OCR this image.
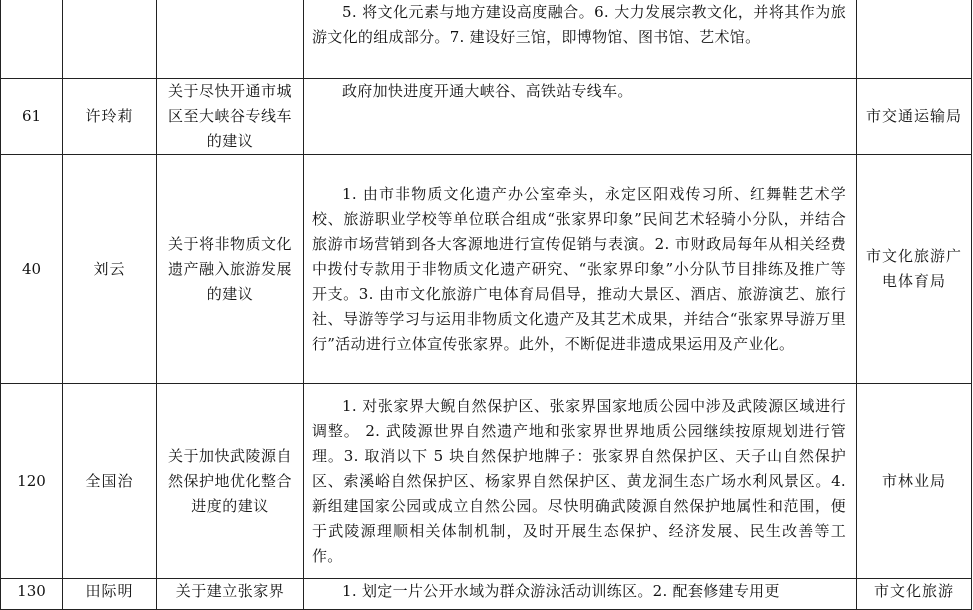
			5. 将文化元素与地方建设高度融合。6. 大力发展宗教文化，并将其作为旅游文化的组成部分。7. 建设好三馆，即博物馆、图书馆、艺术馆。	

61	许玲莉	关于尽快开通市城区至大峡谷专线车的建议	政府加快进度开通大峡谷、高铁站专线车。	市交通运输局
40	刘云	关于将非物质文化遗产融入旅游发展的建议	1. 由市非物质文化遗产办公室牵头，永定区阳戏传习所、红舞鞋艺术学校、旅游职业学校等单位联合组成“张家界印象”民间艺术轻骑小分队，并结合旅游市场营销到各大客源地进行宣传促销与表演。2. 市财政局每年从相关经费中拨付专款用于非物质文化遗产研究、“张家界印象”小分队节目排练及推广等开支。3. 由市文化旅游广电体育局倡导，推动大景区、酒店、旅游演艺、旅行社、导游等学习与运用非物质文化遗产及其艺术成果，并结合“张家界导游万里行”活动进行立体宣传张家界。此外，不断促进非遗成果运用及产业化。	市文化旅游广电体育局
120	全国治	关于加快武陵源自然保护地优化整合进度的建议	1. 对张家界大鲵自然保护区、张家界国家地质公园中涉及武陵源区域进行调整。 2. 武陵源世界自然遗产地和张家界世界地质公园继续按原规划进行管理。3. 取消以下 5 块自然保护地牌子：张家界自然保护区、天子山自然保护区、索溪峪自然保护区、杨家界自然保护区、黄龙洞生态广场水利风景区。4. 新组建国家公园或成立自然公园。尽快明确武陵源自然保护地属性和范围，便于武陵源理顺相关体制机制，及时开展生态保护、经济发展、民生改善等工作。	市林业局
130	田际明	关于建立张家界	1. 划定一片公开水域为群众游泳活动训练区。2. 配套修建专用更	市文化旅游
